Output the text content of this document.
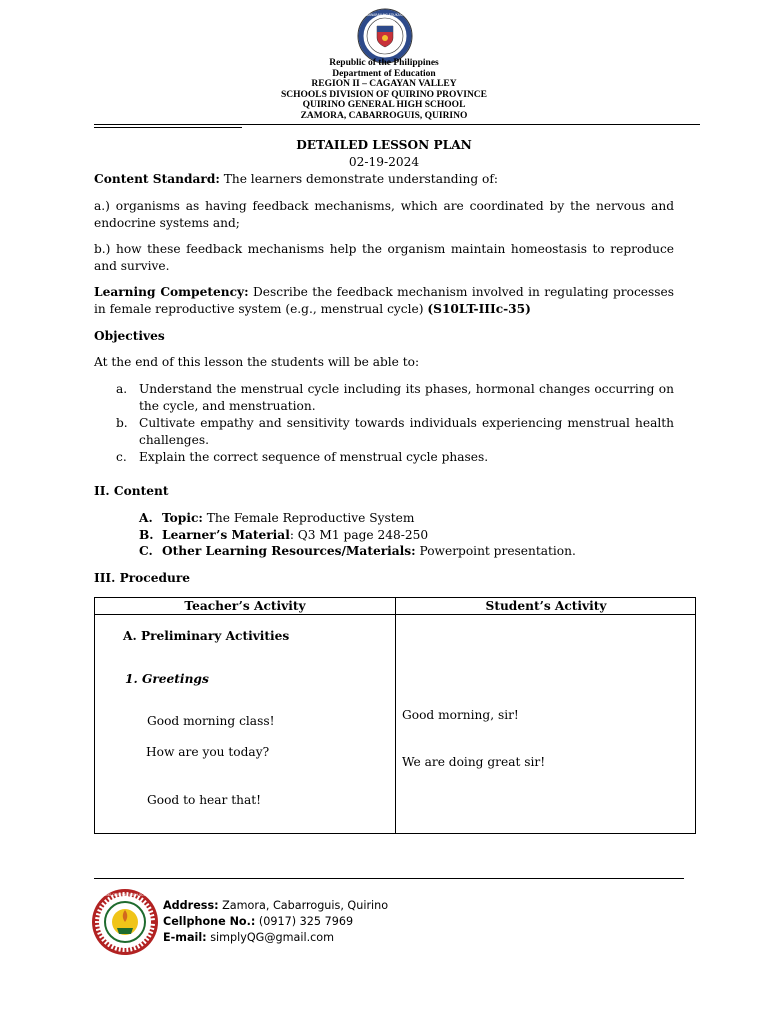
KAGAWARAN NG EDUKASYON
Republic of the Philippines
Department of Education
REGION II – CAGAYAN VALLEY
SCHOOLS DIVISION OF QUIRINO PROVINCE
QUIRINO GENERAL HIGH SCHOOL
ZAMORA, CABARROGUIS, QUIRINO
DETAILED LESSON PLAN
02-19-2024
Content Standard: The learners demonstrate understanding of:
a.) organisms as having feedback mechanisms, which are coordinated by the nervous and endocrine systems and;
b.) how these feedback mechanisms help the organism maintain homeostasis to reproduce and survive.
Learning Competency: Describe the feedback mechanism involved in regulating processes in female reproductive system (e.g., menstrual cycle) (S10LT-IIIc-35)
Objectives
At the end of this lesson the students will be able to:
a. Understand the menstrual cycle including its phases, hormonal changes occurring on the cycle, and menstruation.
b. Cultivate empathy and sensitivity towards individuals experiencing menstrual health challenges.
c.	Explain the correct sequence of menstrual cycle phases.
II. Content
A. Topic: The Female Reproductive System
B. Learner’s Material: Q3 M1 page 248-250
C. Other Learning Resources/Materials: Powerpoint presentation.
III. Procedure
Teacher’s Activity	Student’s Activity
A. Preliminary Activities
1. Greetings
Good morning class!
How are you today?
Good to hear that!
Good morning, sir!
We are doing great sir!
QUIRINO GENERAL HIGH SCHOOL
Address: Zamora, Cabarroguis, Quirino
Cellphone No.: (0917) 325 7969
E-mail: simplyQG@gmail.com
